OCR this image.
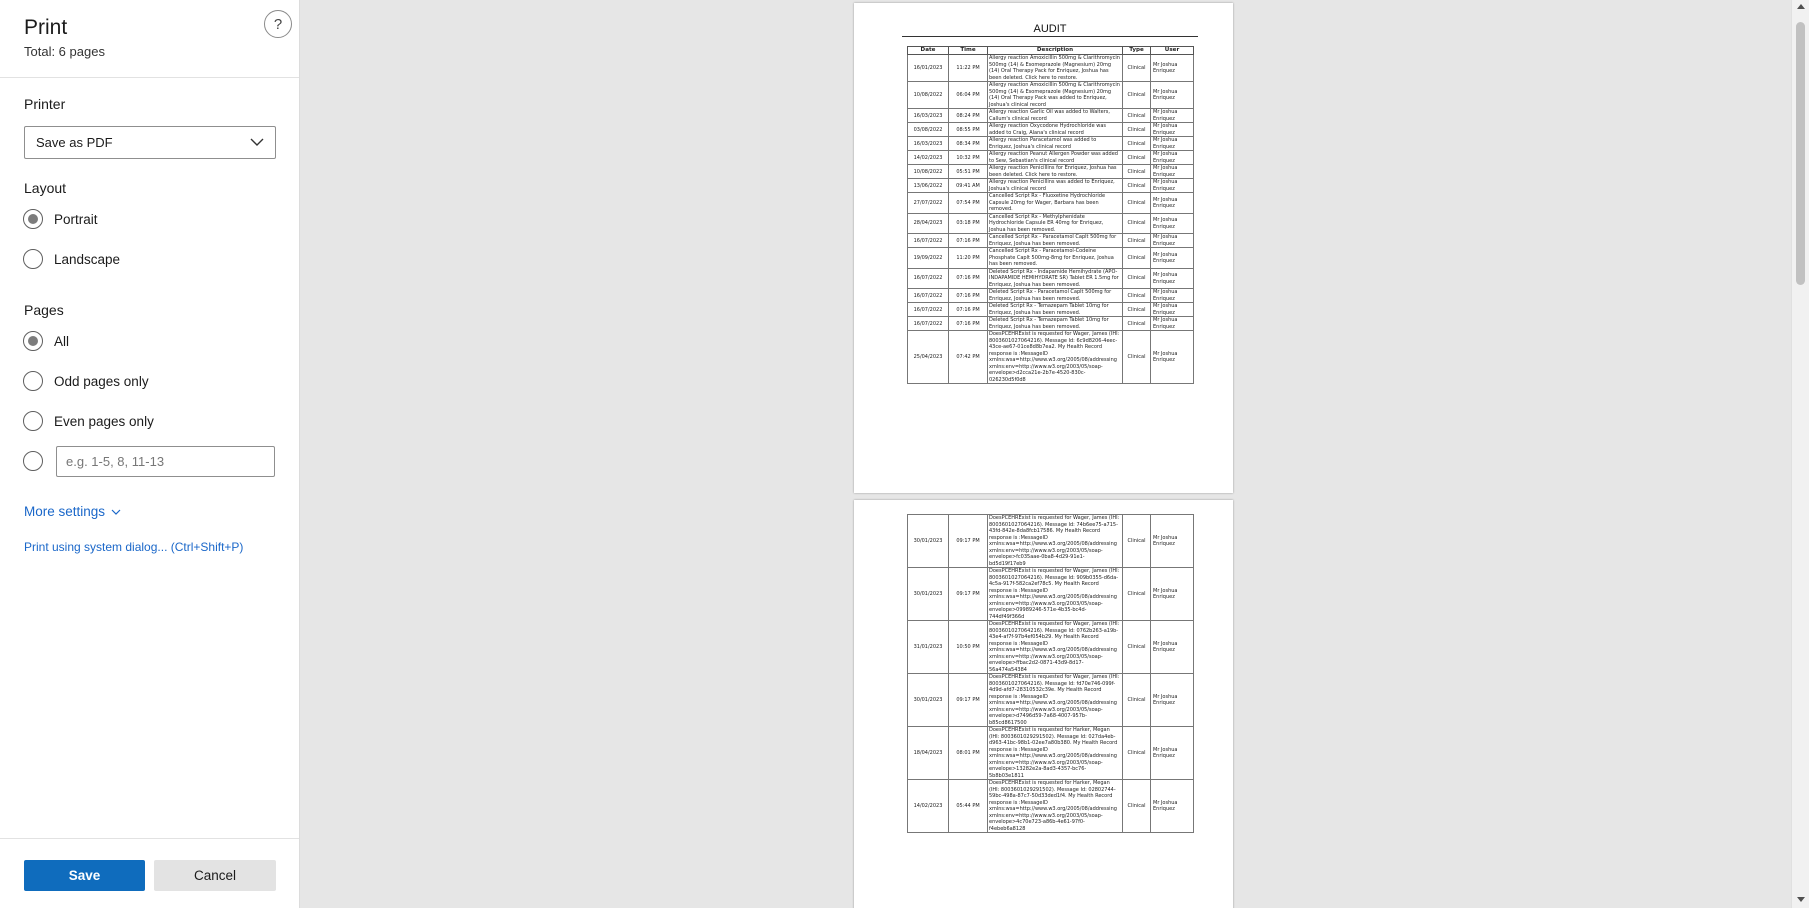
Print
Total: 6 pages
?
Printer
Save as PDF
Layout
Portrait
Landscape
Pages
All
Odd pages only
Even pages only
e.g. 1-5, 8, 11-13
More settings
Print using system dialog... (Ctrl+Shift+P)
Save	Cancel
AUDIT
Date	Time	Description	Type	User
16/01/2023	11:22 PM	Allergy reaction Amoxicillin 500mg & Clarithromycin 500mg (14) & Esomeprazole (Magnesium) 20mg (14) Oral Therapy Pack for Enriquez, Joshua has been deleted. Click here to restore.	Clinical	Mr Joshua Enriquez
10/08/2022	06:04 PM	Allergy reaction Amoxicillin 500mg & Clarithromycin 500mg (14) & Esomeprazole (Magnesium) 20mg (14) Oral Therapy Pack was added to Enriquez, Joshua's clinical record	Clinical	Mr Joshua Enriquez
16/03/2023	08:24 PM	Allergy reaction Garlic Oil was added to Walters, Callum's clinical record	Clinical	Mr Joshua Enriquez
03/08/2022	08:55 PM	Allergy reaction Oxycodone Hydrochloride was added to Craig, Alana's clinical record	Clinical	Mr Joshua Enriquez
16/03/2023	08:34 PM	Allergy reaction Paracetamol was added to Enriquez, Joshua's clinical record	Clinical	Mr Joshua Enriquez
14/02/2023	10:32 PM	Allergy reaction Peanut Allergen Powder was added to Sew, Sebastian's clinical record	Clinical	Mr Joshua Enriquez
10/08/2022	05:51 PM	Allergy reaction Penicillins for Enriquez, Joshua has been deleted. Click here to restore.	Clinical	Mr Joshua Enriquez
13/06/2022	09:41 AM	Allergy reaction Penicillins was added to Enriquez, Joshua's clinical record	Clinical	Mr Joshua Enriquez
27/07/2022	07:54 PM	Cancelled Script Rx - Fluoxetine Hydrochloride Capsule 20mg for Wager, Barbara has been removed.	Clinical	Mr Joshua Enriquez
28/04/2023	03:18 PM	Cancelled Script Rx - Methylphenidate Hydrochloride Capsule ER 40mg for Enriquez, Joshua has been removed.	Clinical	Mr Joshua Enriquez
16/07/2022	07:16 PM	Cancelled Script Rx - Paracetamol Caplt 500mg for Enriquez, Joshua has been removed.	Clinical	Mr Joshua Enriquez
19/09/2022	11:20 PM	Cancelled Script Rx - Paracetamol-Codeine Phosphate Caplt 500mg-8mg for Enriquez, Joshua has been removed.	Clinical	Mr Joshua Enriquez
16/07/2022	07:16 PM	Deleted Script Rx - Indapamide Hemihydrate (APO-INDAPAMIDE HEMIHYDRATE SR) Tablet ER 1.5mg for Enriquez, Joshua has been removed.	Clinical	Mr Joshua Enriquez
16/07/2022	07:16 PM	Deleted Script Rx - Paracetamol Caplt 500mg for Enriquez, Joshua has been removed.	Clinical	Mr Joshua Enriquez
16/07/2022	07:16 PM	Deleted Script Rx - Temazepam Tablet 10mg for Enriquez, Joshua has been removed.	Clinical	Mr Joshua Enriquez
16/07/2022	07:16 PM	Deleted Script Rx - Temazepam Tablet 10mg for Enriquez, Joshua has been removed.	Clinical	Mr Joshua Enriquez
25/04/2023	07:42 PM	DoesPCEHRExist is requested for Wager, James (IHI: 8003601027064216). Message Id: 6c9d8206-4eec-43ce-ae67-01ce8d8b7ea2. My Health Record response is :MessageID xmlns:wsa=http://www.w3.org/2005/08/addressing xmlns:env=http://www.w3.org/2003/05/soap-envelope>d2cca21e-2b7e-4520-830c-026230d5f0d8	Clinical	Mr Joshua Enriquez
30/01/2023	09:17 PM	DoesPCEHRExist is requested for Wager, James (IHI: 8003601027064216). Message Id: 74b6ee75-a715-43fd-842e-8da8fcb17586. My Health Record response is :MessageID xmlns:wsa=http://www.w3.org/2005/08/addressing xmlns:env=http://www.w3.org/2003/05/soap-envelope>fc035aae-0ba8-4d29-91e1-bd5d19f17eb9	Clinical	Mr Joshua Enriquez
30/01/2023	09:17 PM	DoesPCEHRExist is requested for Wager, James (IHI: 8003601027064216). Message Id: 909b0355-d6da-4c5a-917f-582ca2ef78c5. My Health Record response is :MessageID xmlns:wsa=http://www.w3.org/2005/08/addressing xmlns:env=http://www.w3.org/2003/05/soap-envelope>09989246-571e-4b35-bc4d-744df49f366d	Clinical	Mr Joshua Enriquez
31/01/2023	10:50 PM	DoesPCEHRExist is requested for Wager, James (IHI: 8003601027064216). Message Id: 0762b263-a19b-43e4-af7f-97b4ef054b29. My Health Record response is :MessageID xmlns:wsa=http://www.w3.org/2005/08/addressing xmlns:env=http://www.w3.org/2003/05/soap-envelope>ffbac2d2-0871-43d9-8d17-56a474a54384	Clinical	Mr Joshua Enriquez
30/01/2023	09:17 PM	DoesPCEHRExist is requested for Wager, James (IHI: 8003601027064216). Message Id: fd70e746-099f-4d9d-afd7-28310532c39e. My Health Record response is :MessageID xmlns:wsa=http://www.w3.org/2005/08/addressing xmlns:env=http://www.w3.org/2003/05/soap-envelope>d7496d59-7a68-4007-957b-b85cd8617500	Clinical	Mr Joshua Enriquez
18/04/2023	08:01 PM	DoesPCEHRExist is requested for Harker, Megan (IHI: 8003601029291502). Message Id: 027da4eb-d963-41bc-98b1-02ee7a80b380. My Health Record response is :MessageID xmlns:wsa=http://www.w3.org/2005/08/addressing xmlns:env=http://www.w3.org/2003/05/soap-envelope>13282e2a-8ad3-4357-bc76-5b8b03e1811	Clinical	Mr Joshua Enriquez
14/02/2023	05:44 PM	DoesPCEHRExist is requested for Harker, Megan (IHI: 8003601029291502). Message Id: 02802744-59bc-498a-87c7-50d33ded1f4. My Health Record response is :MessageID xmlns:wsa=http://www.w3.org/2005/08/addressing xmlns:env=http://www.w3.org/2003/05/soap-envelope>4c70e723-a86b-4e61-97f0-f4ebeb6a8128	Clinical	Mr Joshua Enriquez
